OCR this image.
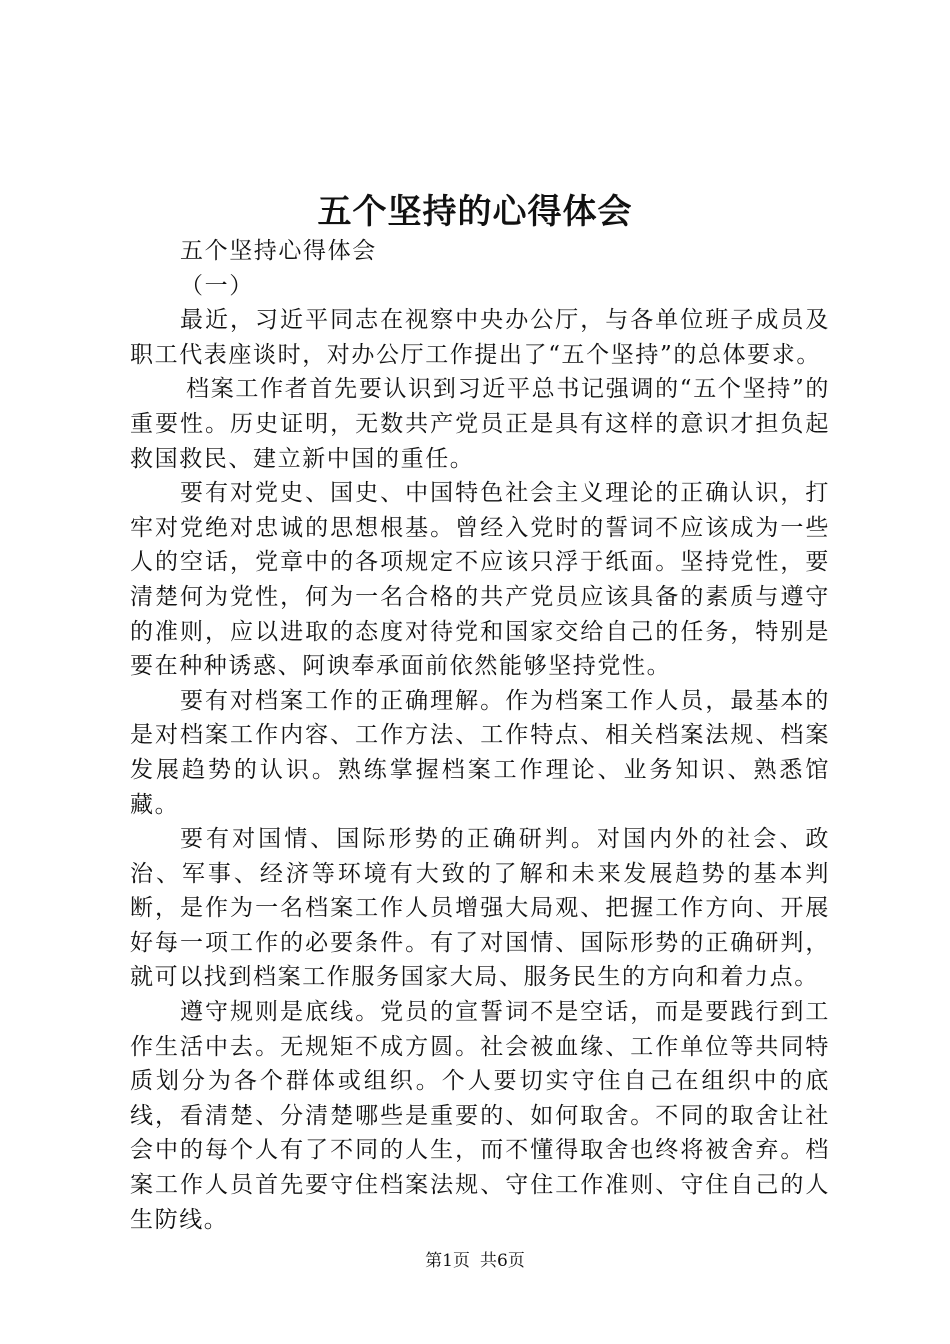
五个坚持的心得体会

五个坚持心得体会

（一）

最近，习近平同志在视察中央办公厅，与各单位班子成员及职工代表座谈时，对办公厅工作提出了“五个坚持”的总体要求。

档案工作者首先要认识到习近平总书记强调的“五个坚持”的重要性。历史证明，无数共产党员正是具有这样的意识才担负起救国救民、建立新中国的重任。

要有对党史、国史、中国特色社会主义理论的正确认识，打牢对党绝对忠诚的思想根基。曾经入党时的誓词不应该成为一些人的空话，党章中的各项规定不应该只浮于纸面。坚持党性，要清楚何为党性，何为一名合格的共产党员应该具备的素质与遵守的准则，应以进取的态度对待党和国家交给自己的任务，特别是要在种种诱惑、阿谀奉承面前依然能够坚持党性。

要有对档案工作的正确理解。作为档案工作人员，最基本的是对档案工作内容、工作方法、工作特点、相关档案法规、档案发展趋势的认识。熟练掌握档案工作理论、业务知识、熟悉馆藏。

要有对国情、国际形势的正确研判。对国内外的社会、政治、军事、经济等环境有大致的了解和未来发展趋势的基本判断，是作为一名档案工作人员增强大局观、把握工作方向、开展好每一项工作的必要条件。有了对国情、国际形势的正确研判，就可以找到档案工作服务国家大局、服务民生的方向和着力点。

遵守规则是底线。党员的宣誓词不是空话，而是要践行到工作生活中去。无规矩不成方圆。社会被血缘、工作单位等共同特质划分为各个群体或组织。个人要切实守住自己在组织中的底线，看清楚、分清楚哪些是重要的、如何取舍。不同的取舍让社会中的每个人有了不同的人生，而不懂得取舍也终将被舍弃。档案工作人员首先要守住档案法规、守住工作准则、守住自己的人生防线。

第1页 共6页
